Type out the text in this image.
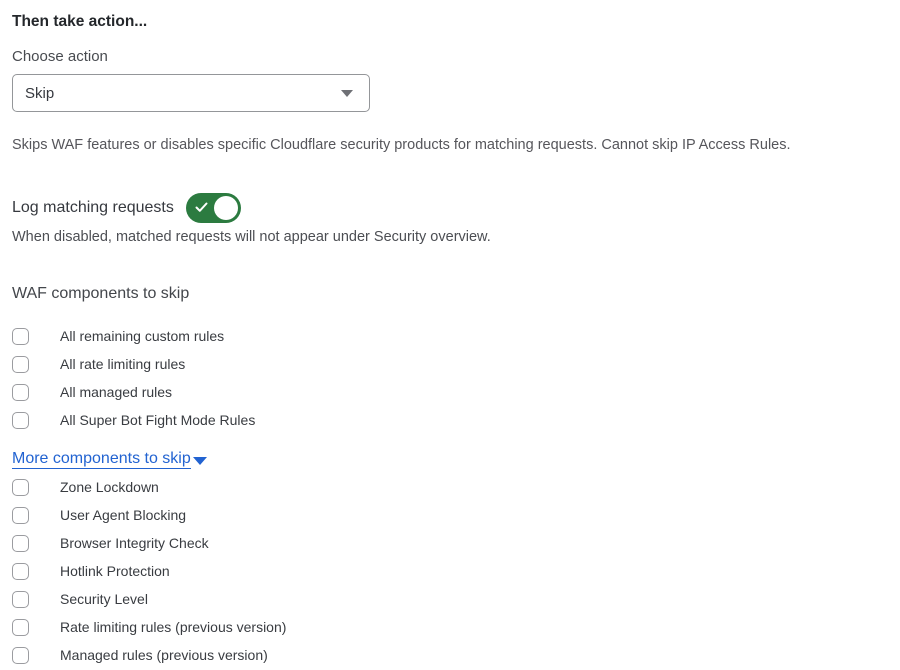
Then take action...
Choose action
Skip
Skips WAF features or disables specific Cloudflare security products for matching requests. Cannot skip IP Access Rules.
Log matching requests
When disabled, matched requests will not appear under Security overview.
WAF components to skip
All remaining custom rules
All rate limiting rules
All managed rules
All Super Bot Fight Mode Rules
More components to skip
Zone Lockdown
User Agent Blocking
Browser Integrity Check
Hotlink Protection
Security Level
Rate limiting rules (previous version)
Managed rules (previous version)
